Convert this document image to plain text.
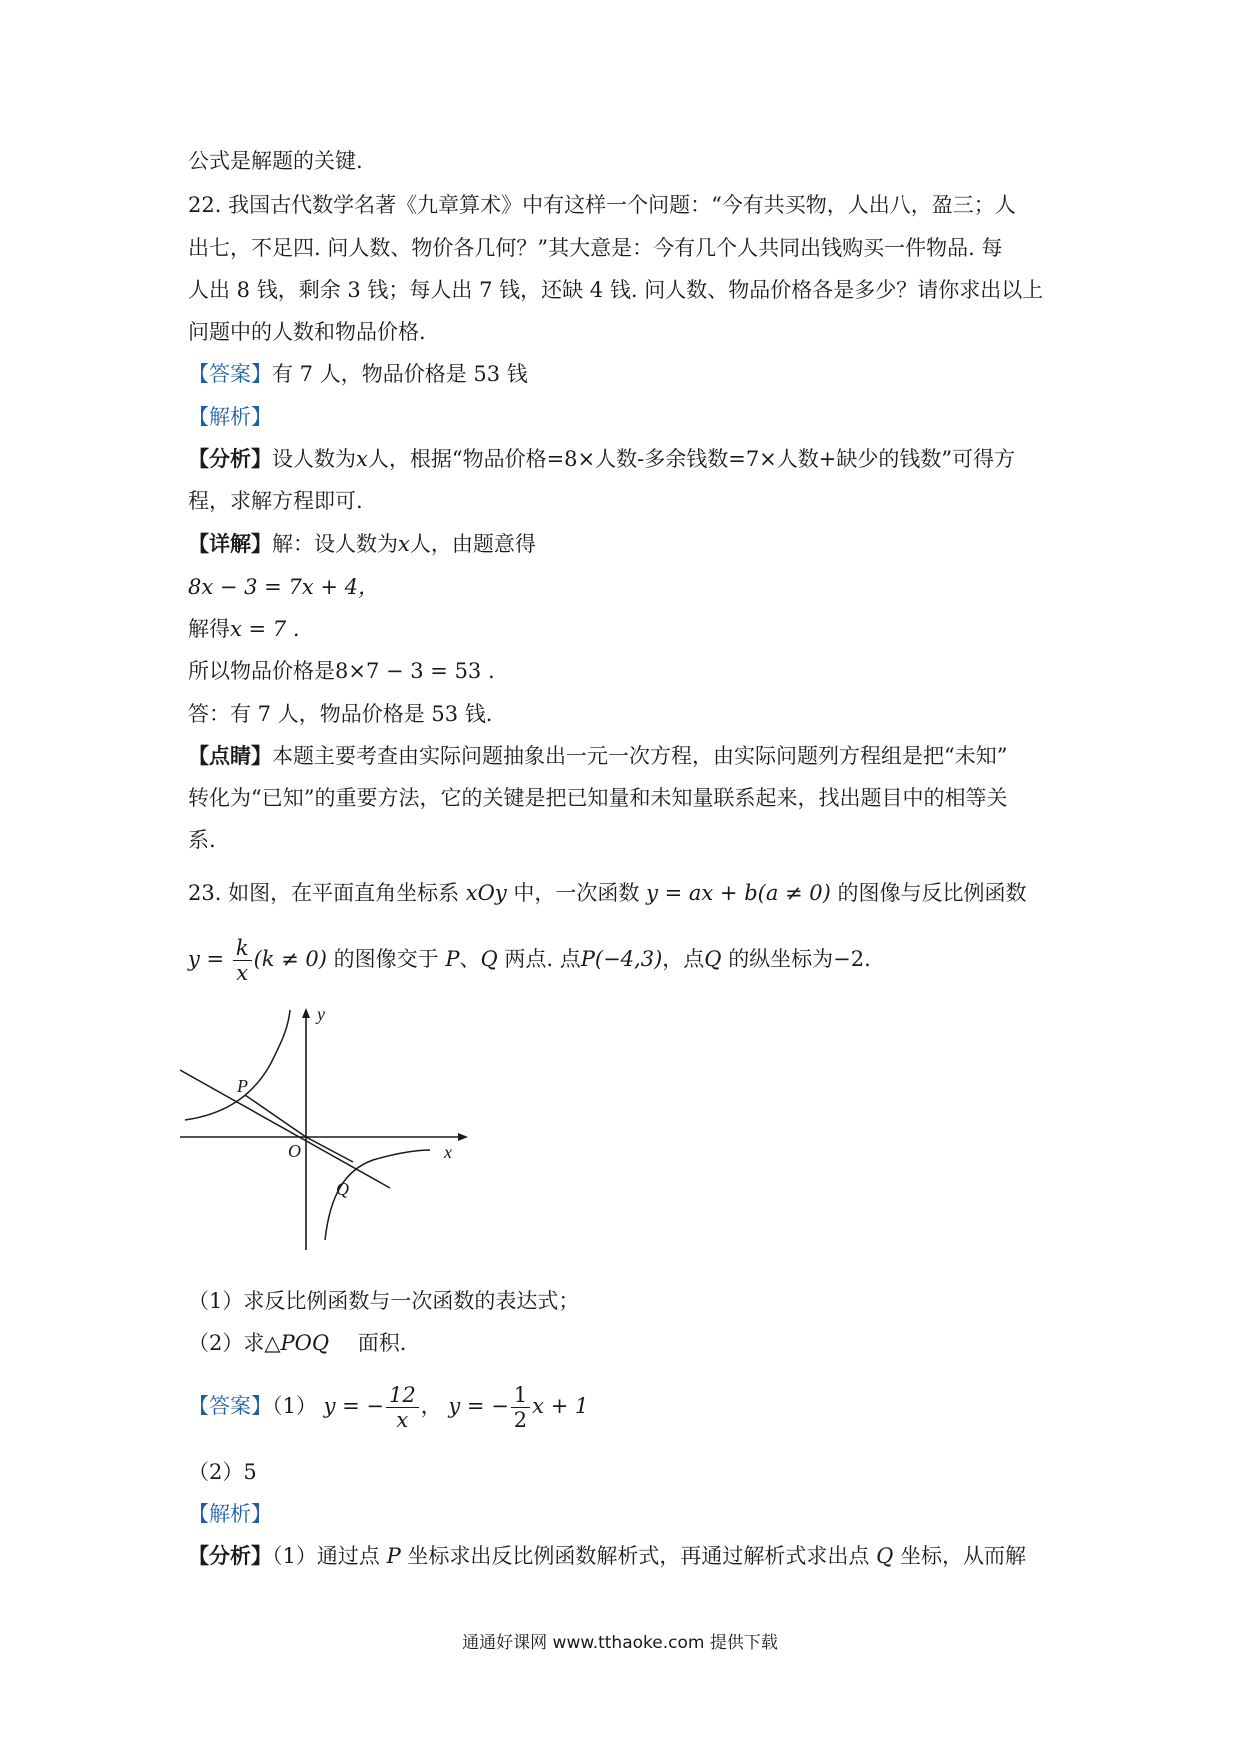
公式是解题的关键.
22. 我国古代数学名著《九章算术》中有这样一个问题：“今有共买物，人出八，盈三；人
出七，不足四. 问人数、物价各几何？”其大意是：今有几个人共同出钱购买一件物品. 每
人出 8 钱，剩余 3 钱；每人出 7 钱，还缺 4 钱. 问人数、物品价格各是多少？请你求出以上
问题中的人数和物品价格.
【答案】有 7 人，物品价格是 53 钱
【解析】
【分析】设人数为x人，根据“物品价格=8×人数-多余钱数=7×人数+缺少的钱数”可得方
程，求解方程即可.
【详解】解：设人数为x人，由题意得
8x − 3 = 7x + 4，
解得x = 7 .
所以物品价格是8×7 − 3 = 53 .
答：有 7 人，物品价格是 53 钱.
【点睛】本题主要考查由实际问题抽象出一元一次方程，由实际问题列方程组是把“未知”
转化为“已知”的重要方法，它的关键是把已知量和未知量联系起来，找出题目中的相等关
系.
23. 如图，在平面直角坐标系 xOy 中，一次函数 y = ax + b(a ≠ 0) 的图像与反比例函数
$y = \frac{k}{x} (k \ne 0)$ 的图像交于 P、Q 两点. 点P(−4,3)，点Q 的纵坐标为−2.
y
x
O
P
Q
（1）求反比例函数与一次函数的表达式；
（2）求△POQ 面积.
【答案】（1） y = − $\frac{12}{x}$ ， y = − $\frac{1}{2}$ x + 1
（2）5
【解析】
【分析】（1）通过点 P 坐标求出反比例函数解析式，再通过解析式求出点 Q 坐标，从而解
通通好课网 www.tthaoke.com 提供下载
